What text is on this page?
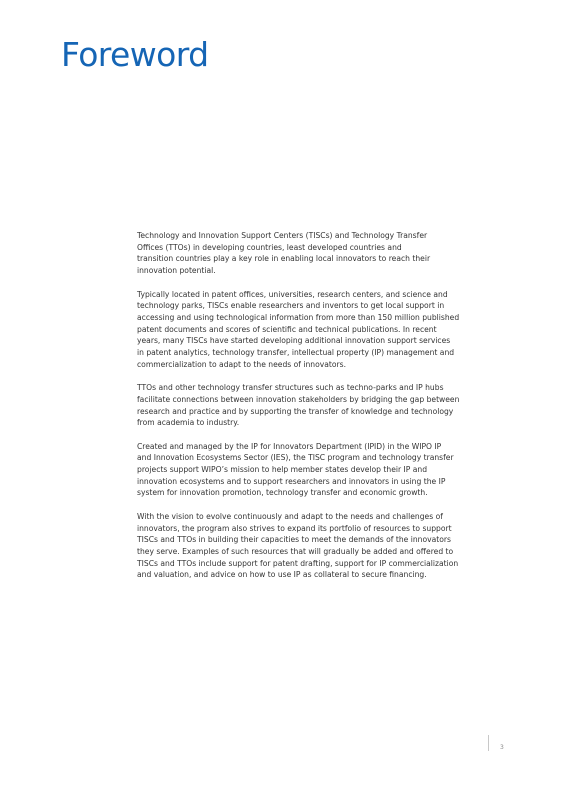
Foreword

Technology and Innovation Support Centers (TISCs) and Technology Transfer
Offices (TTOs) in developing countries, least developed countries and
transition countries play a key role in enabling local innovators to reach their
innovation potential.

Typically located in patent offices, universities, research centers, and science and
technology parks, TISCs enable researchers and inventors to get local support in
accessing and using technological information from more than 150 million published
patent documents and scores of scientific and technical publications. In recent
years, many TISCs have started developing additional innovation support services
in patent analytics, technology transfer, intellectual property (IP) management and
commercialization to adapt to the needs of innovators.

TTOs and other technology transfer structures such as techno-parks and IP hubs
facilitate connections between innovation stakeholders by bridging the gap between
research and practice and by supporting the transfer of knowledge and technology
from academia to industry.

Created and managed by the IP for Innovators Department (IPID) in the WIPO IP
and Innovation Ecosystems Sector (IES), the TISC program and technology transfer
projects support WIPO’s mission to help member states develop their IP and
innovation ecosystems and to support researchers and innovators in using the IP
system for innovation promotion, technology transfer and economic growth.

With the vision to evolve continuously and adapt to the needs and challenges of
innovators, the program also strives to expand its portfolio of resources to support
TISCs and TTOs in building their capacities to meet the demands of the innovators
they serve. Examples of such resources that will gradually be added and offered to
TISCs and TTOs include support for patent drafting, support for IP commercialization
and valuation, and advice on how to use IP as collateral to secure financing.

3
